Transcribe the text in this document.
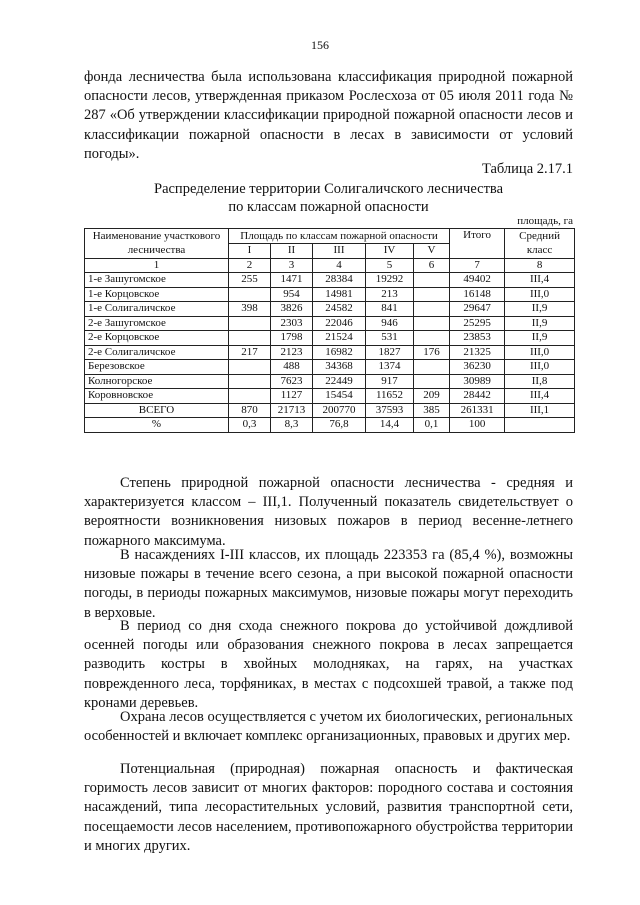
156

фонда лесничества была использована классификация природной пожарной опасности лесов, утвержденная приказом Рослесхоза от 05 июля 2011 года № 287 «Об утверждении классификации природной пожарной опасности лесов и классификации пожарной опасности в лесах в зависимости от условий погоды».

Таблица 2.17.1
Распределение территории Солигаличского лесничества
по классам пожарной опасности
площадь, га
Наименование участкового лесничества	Площадь по классам пожарной опасности					Итого	Средний класс
	I	II	III	IV	V		
1	2	3	4	5	6	7	8
1-е Зашугомское	255	1471	28384	19292		49402	III,4
1-е Корцовское		954	14981	213		16148	III,0
1-е Солигаличское	398	3826	24582	841		29647	II,9
2-е Зашугомское		2303	22046	946		25295	II,9
2-е Корцовское		1798	21524	531		23853	II,9
2-е Солигаличское	217	2123	16982	1827	176	21325	III,0
Березовское		488	34368	1374		36230	III,0
Колногорское		7623	22449	917		30989	II,8
Коровновское		1127	15454	11652	209	28442	III,4
ВСЕГО	870	21713	200770	37593	385	261331	III,1
%	0,3	8,3	76,8	14,4	0,1	100	

Степень природной пожарной опасности лесничества - средняя и характеризуется классом – III,1. Полученный показатель свидетельствует о вероятности возникновения низовых пожаров в период весенне-летнего пожарного максимума.

В насаждениях I-III классов, их площадь 223353 га (85,4 %), возможны низовые пожары в течение всего сезона, а при высокой пожарной опасности погоды, в периоды пожарных максимумов, низовые пожары могут переходить в верховые.

В период со дня схода снежного покрова до устойчивой дождливой осенней погоды или образования снежного покрова в лесах запрещается разводить костры в хвойных молодняках, на гарях, на участках поврежденного леса, торфяниках, в местах с подсохшей травой, а также под кронами деревьев.

Охрана лесов осуществляется с учетом их биологических, региональных особенностей и включает комплекс организационных, правовых и других мер.

Потенциальная (природная) пожарная опасность и фактическая горимость лесов зависит от многих факторов: породного состава и состояния насаждений, типа лесорастительных условий, развития транспортной сети, посещаемости лесов населением, противопожарного обустройства территории и многих других.
